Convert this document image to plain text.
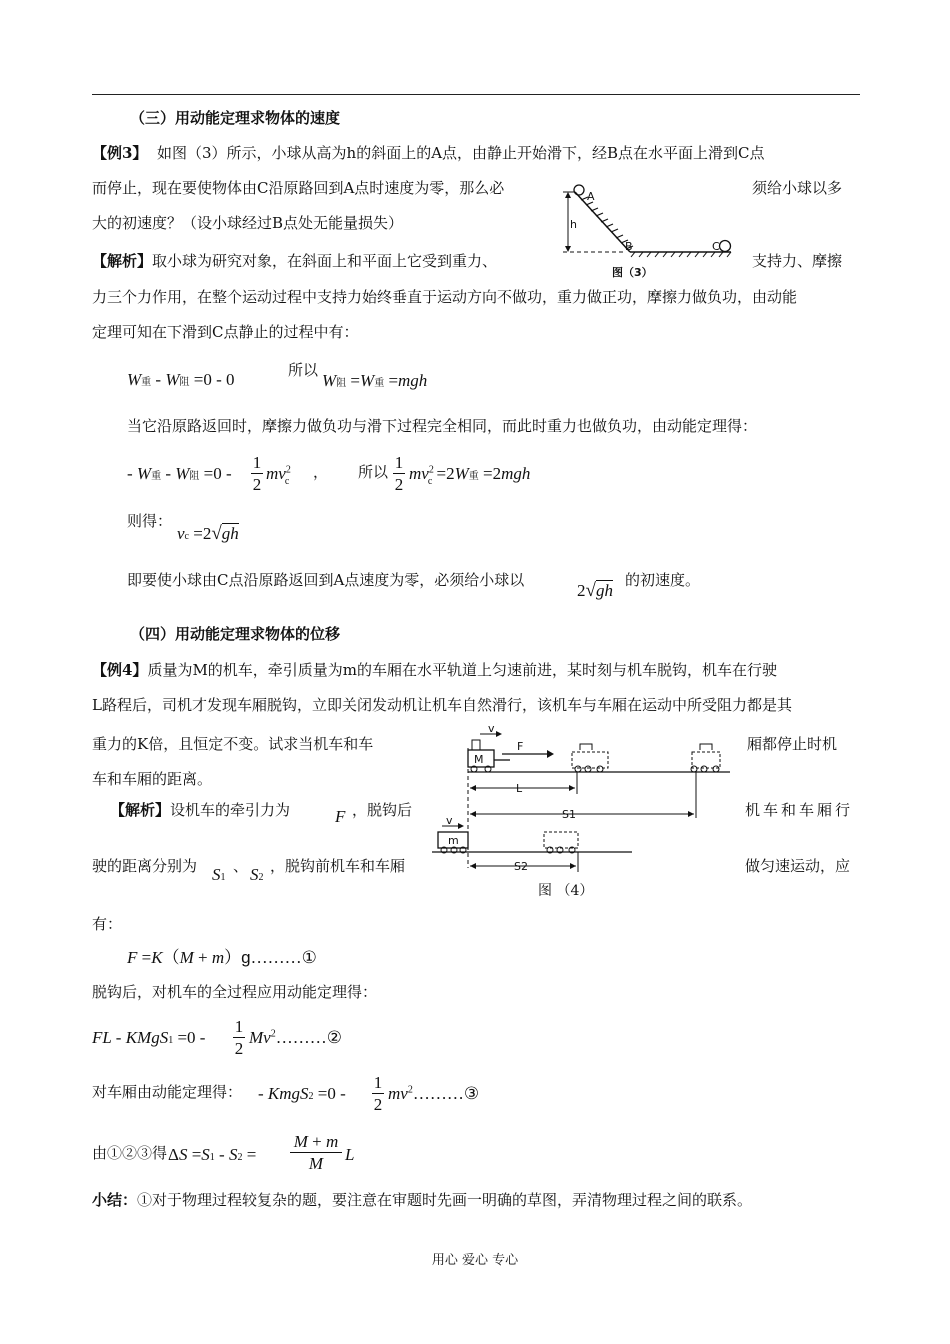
（三）用动能定理求物体的速度
【例3】 如图（3）所示，小球从高为h的斜面上的A点，由静止开始滑下，经B点在水平面上滑到C点
而停止，现在要使物体由C沿原路回到A点时速度为零，那么必	须给小球以多
大的初速度？（设小球经过B点处无能量损失）
【解析】取小球为研究对象，在斜面上和平面上它受到重力、	支持力、摩擦
力三个力作用，在整个运动过程中支持力始终垂直于运动方向不做功，重力做正功，摩擦力做负功，由动能
定理可知在下滑到C点静止的过程中有：
h
A
B	C
图（3）
W重 - W阻 =0 - 0	所以
W阻 =W重 =mgh
当它沿原路返回时，摩擦力做负功与滑下过程完全相同，而此时重力也做负功，由动能定理得：
- W重 - W阻 =0 -
1
2
$mv^2_c$
， 所以 1
2
$mv^2_c =2W$重 =2mgh
则得：
vc =2√gh
即要使小球由C点沿原路返回到A点速度为零，必须给小球以
2√gh
的初速度。
（四）用动能定理求物体的位移
【例4】质量为M的机车，牵引质量为m的车厢在水平轨道上匀速前进，某时刻与机车脱钩，机车在行驶
L路程后，司机才发现车厢脱钩，立即关闭发动机让机车自然滑行，该机车与车厢在运动中所受阻力都是其
重力的K倍，且恒定不变。试求当机车和车	厢都停止时机
车和车厢的距离。
【解析】设机车的牵引力为	F ，脱钩后	机车和车厢行
驶的距离分别为 S1
、 S2
，脱钩前机车和车厢	做匀速运动，应
M
v
F
L
S1
m
v
S2
图 （4）
有：
F =K（M + m）g………①
脱钩后，对机车的全过程应用动能定理得：
FL - KMgS1 =0 -
1
2
Mv$^2$………②
对车厢由动能定理得： - KmgS2 =0 -
1
2
$mv^2\dots\dots\dots ③$
由①②③得 ΔS =S1 - S2 =
M + m
M	L
小结：①对于物理过程较复杂的题，要注意在审题时先画一明确的草图，弄清物理过程之间的联系。
用心 爱心 专心
